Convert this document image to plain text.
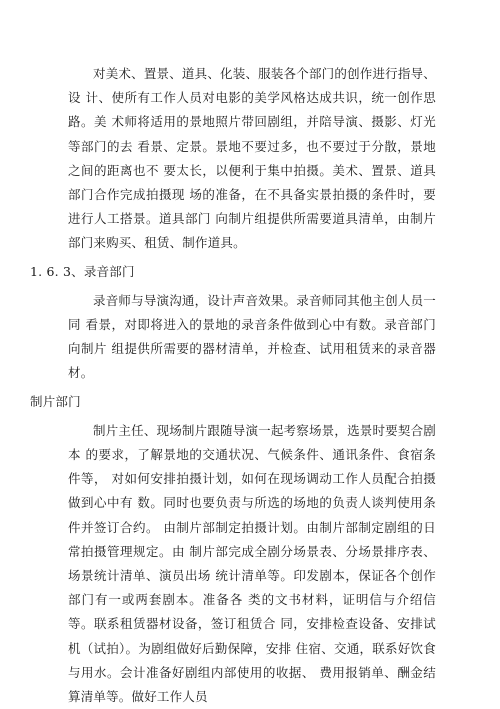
对美术、置景、道具、化装、服装各个部门的创作进行指导、设 计、使所有工作人员对电影的美学风格达成共识，统一创作思路。美 术师将适用的景地照片带回剧组，并陪导演、摄影、灯光等部门的去 看景、定景。景地不要过多，也不要过于分散，景地之间的距离也不 要太长，以便利于集中拍摄。美术、置景、道具部门合作完成拍摄现 场的准备，在不具备实景拍摄的条件时，要进行人工搭景。道具部门 向制片组提供所需要道具清单，由制片部门来购买、租赁、制作道具。

1. 6. 3、录音部门

录音师与导演沟通，设计声音效果。录音师同其他主创人员一同 看景，对即将进入的景地的录音条件做到心中有数。录音部门向制片 组提供所需要的器材清单，并检查、试用租赁来的录音器材。

制片部门

制片主任、现场制片跟随导演一起考察场景，选景时要契合剧本 的要求，了解景地的交通状况、气候条件、通讯条件、食宿条件等， 对如何安排拍摄计划，如何在现场调动工作人员配合拍摄做到心中有 数。同时也要负责与所选的场地的负责人谈判使用条件并签订合约。 由制片部制定拍摄计划。由制片部制定剧组的日常拍摄管理规定。由 制片部完成全剧分场景表、分场景排序表、场景统计清单、演员出场 统计清单等。印发剧本，保证各个创作部门有一或两套剧本。准备各 类的文书材料，证明信与介绍信等。联系租赁器材设备，签订租赁合 同，安排检查设备、安排试机（试拍）。为剧组做好后勤保障，安排 住宿、交通，联系好饮食与用水。会计准备好剧组内部使用的收据、 费用报销单、酬金结算清单等。做好工作人员
